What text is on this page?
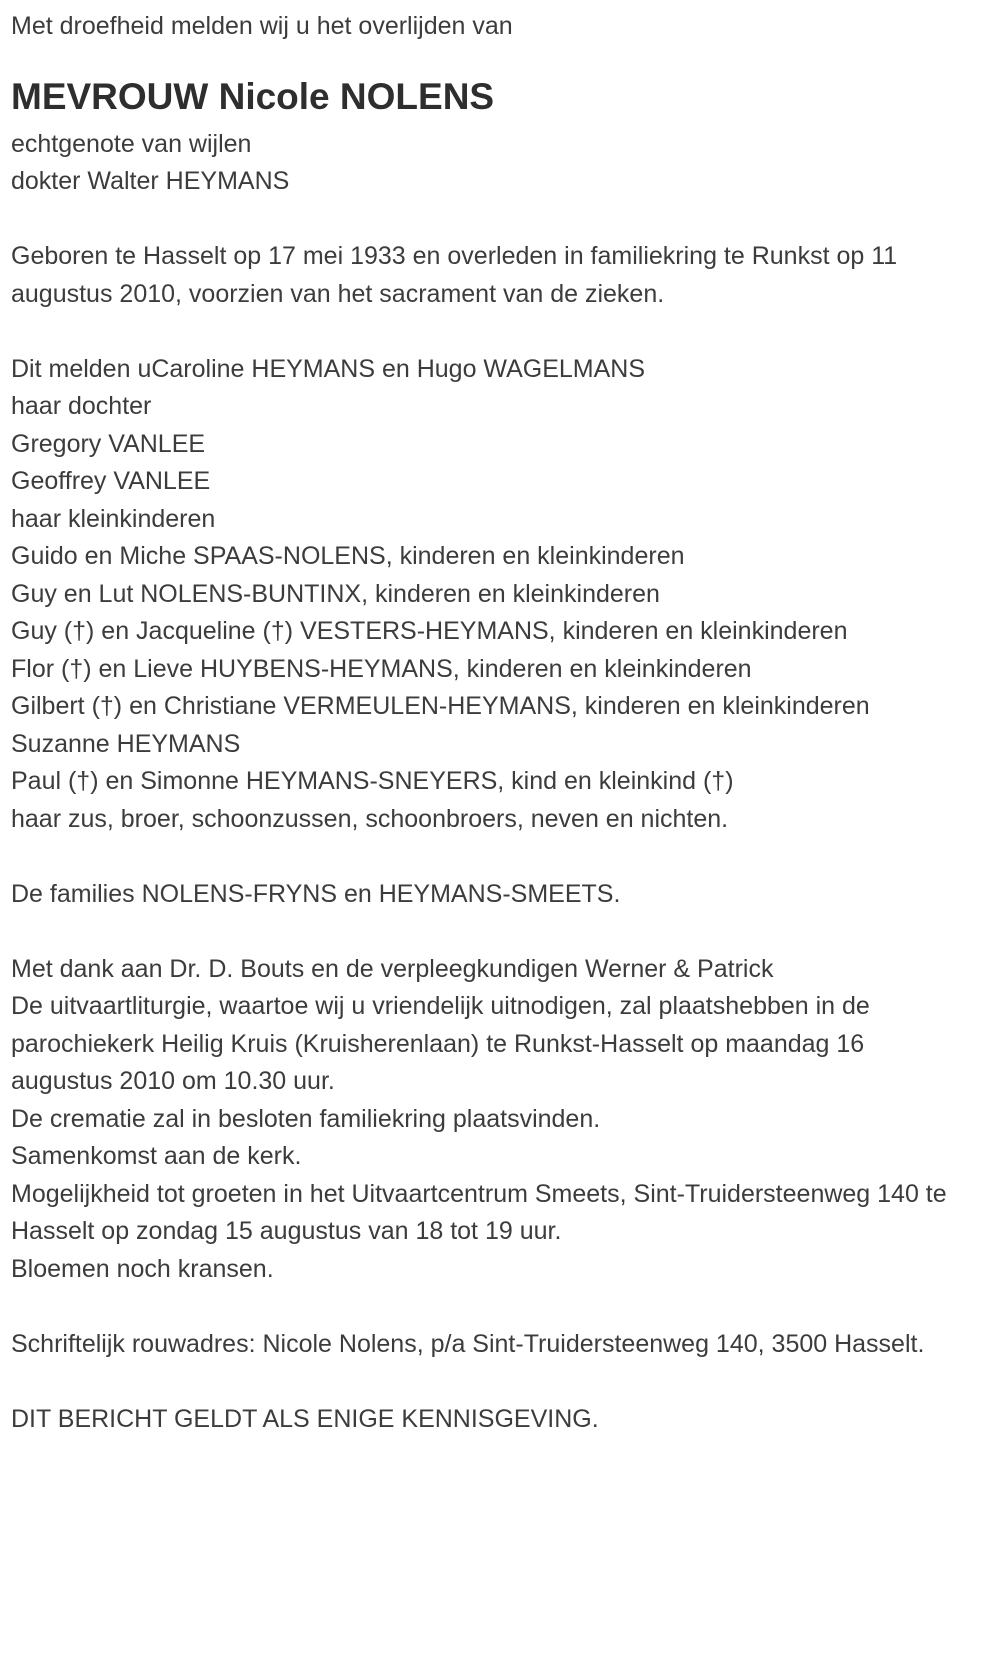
Met droefheid melden wij u het overlijden van

MEVROUW Nicole NOLENS
echtgenote van wijlen
dokter Walter HEYMANS

Geboren te Hasselt op 17 mei 1933 en overleden in familiekring te Runkst op 11 augustus 2010, voorzien van het sacrament van de zieken.

Dit melden uCaroline HEYMANS en Hugo WAGELMANS
haar dochter
Gregory VANLEE
Geoffrey VANLEE
haar kleinkinderen
Guido en Miche SPAAS-NOLENS, kinderen en kleinkinderen
Guy en Lut NOLENS-BUNTINX, kinderen en kleinkinderen
Guy (†) en Jacqueline (†) VESTERS-HEYMANS, kinderen en kleinkinderen
Flor (†) en Lieve HUYBENS-HEYMANS, kinderen en kleinkinderen
Gilbert (†) en Christiane VERMEULEN-HEYMANS, kinderen en kleinkinderen
Suzanne HEYMANS
Paul (†) en Simonne HEYMANS-SNEYERS, kind en kleinkind (†)
haar zus, broer, schoonzussen, schoonbroers, neven en nichten.

De families NOLENS-FRYNS en HEYMANS-SMEETS.

Met dank aan Dr. D. Bouts en de verpleegkundigen Werner & Patrick
De uitvaartliturgie, waartoe wij u vriendelijk uitnodigen, zal plaatshebben in de parochiekerk Heilig Kruis (Kruisherenlaan) te Runkst-Hasselt op maandag 16 augustus 2010 om 10.30 uur.
De crematie zal in besloten familiekring plaatsvinden.
Samenkomst aan de kerk.
Mogelijkheid tot groeten in het Uitvaartcentrum Smeets, Sint-Truidersteenweg 140 te Hasselt op zondag 15 augustus van 18 tot 19 uur.
Bloemen noch kransen.

Schriftelijk rouwadres: Nicole Nolens, p/a Sint-Truidersteenweg 140, 3500 Hasselt.

DIT BERICHT GELDT ALS ENIGE KENNISGEVING.
